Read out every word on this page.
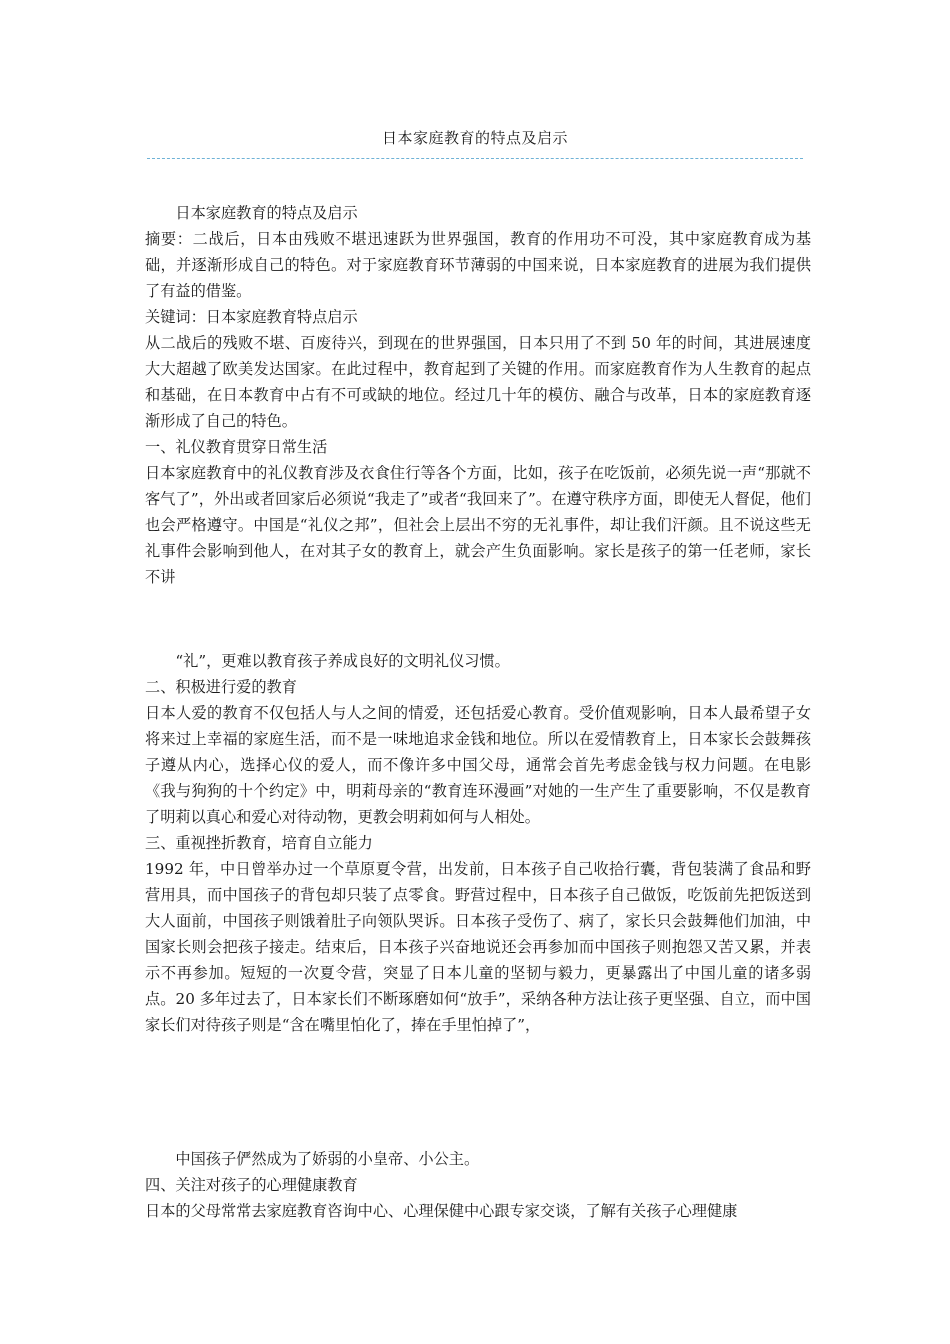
日本家庭教育的特点及启示

日本家庭教育的特点及启示

摘要：二战后，日本由残败不堪迅速跃为世界强国，教育的作用功不可没，其中家庭教育成为基础，并逐渐形成自己的特色。对于家庭教育环节薄弱的中国来说，日本家庭教育的进展为我们提供了有益的借鉴。

关键词：日本家庭教育特点启示

从二战后的残败不堪、百废待兴，到现在的世界强国，日本只用了不到 50 年的时间，其进展速度大大超越了欧美发达国家。在此过程中，教育起到了关键的作用。而家庭教育作为人生教育的起点和基础，在日本教育中占有不可或缺的地位。经过几十年的模仿、融合与改革，日本的家庭教育逐渐形成了自己的特色。

一、礼仪教育贯穿日常生活

日本家庭教育中的礼仪教育涉及衣食住行等各个方面，比如，孩子在吃饭前，必须先说一声“那就不客气了”，外出或者回家后必须说“我走了”或者“我回来了”。在遵守秩序方面，即使无人督促，他们也会严格遵守。中国是“礼仪之邦”，但社会上层出不穷的无礼事件，却让我们汗颜。且不说这些无礼事件会影响到他人，在对其子女的教育上，就会产生负面影响。家长是孩子的第一任老师，家长不讲

“礼”，更难以教育孩子养成良好的文明礼仪习惯。

二、积极进行爱的教育

日本人爱的教育不仅包括人与人之间的情爱，还包括爱心教育。受价值观影响，日本人最希望子女将来过上幸福的家庭生活，而不是一味地追求金钱和地位。所以在爱情教育上，日本家长会鼓舞孩子遵从内心，选择心仪的爱人，而不像许多中国父母，通常会首先考虑金钱与权力问题。在电影《我与狗狗的十个约定》中，明莉母亲的“教育连环漫画”对她的一生产生了重要影响，不仅是教育了明莉以真心和爱心对待动物，更教会明莉如何与人相处。

三、重视挫折教育，培育自立能力

1992 年，中日曾举办过一个草原夏令营，出发前，日本孩子自己收拾行囊，背包装满了食品和野营用具，而中国孩子的背包却只装了点零食。野营过程中，日本孩子自己做饭，吃饭前先把饭送到大人面前，中国孩子则饿着肚子向领队哭诉。日本孩子受伤了、病了，家长只会鼓舞他们加油，中国家长则会把孩子接走。结束后，日本孩子兴奋地说还会再参加而中国孩子则抱怨又苦又累，并表示不再参加。短短的一次夏令营，突显了日本儿童的坚韧与毅力，更暴露出了中国儿童的诸多弱点。20 多年过去了，日本家长们不断琢磨如何“放手”，采纳各种方法让孩子更坚强、自立，而中国家长们对待孩子则是“含在嘴里怕化了，捧在手里怕掉了”，

中国孩子俨然成为了娇弱的小皇帝、小公主。

四、关注对孩子的心理健康教育

日本的父母常常去家庭教育咨询中心、心理保健中心跟专家交谈，了解有关孩子心理健康
